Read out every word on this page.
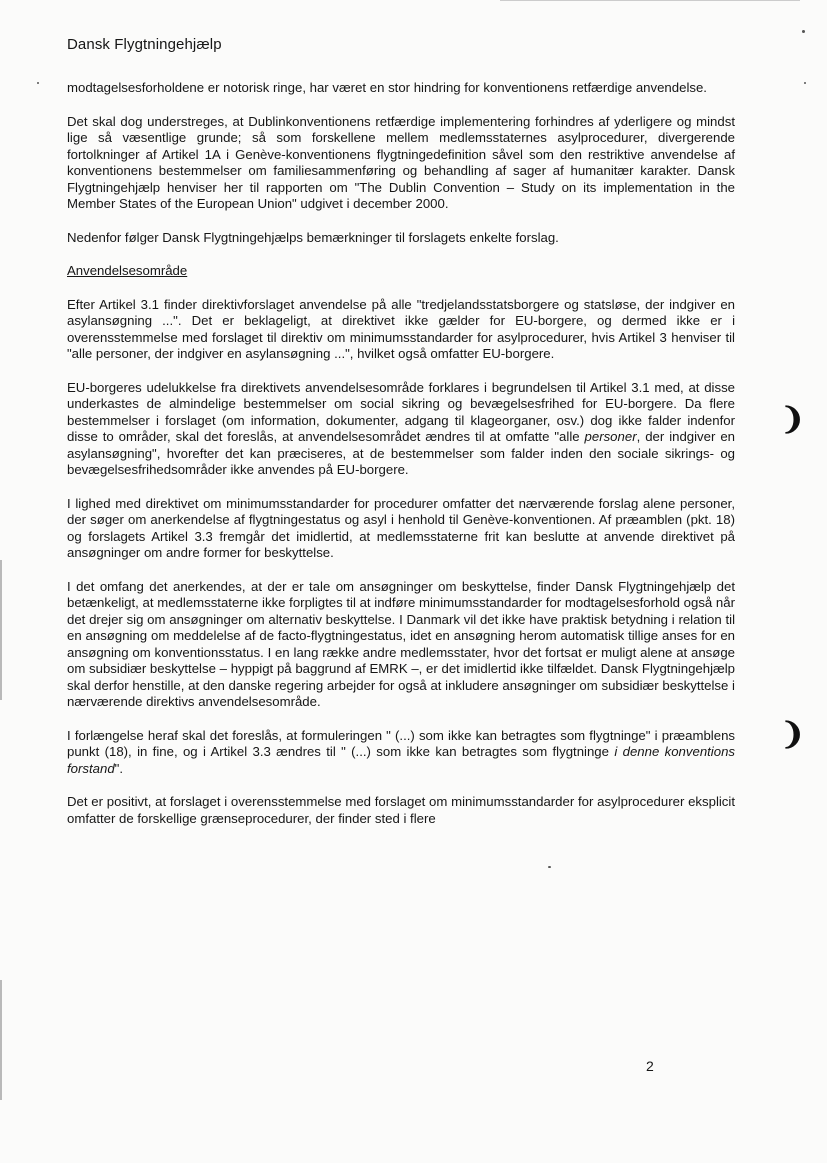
Dansk Flygtningehjælp

modtagelsesforholdene er notorisk ringe, har været en stor hindring for konventionens retfærdige anvendelse.

Det skal dog understreges, at Dublinkonventionens retfærdige implementering forhindres af yderligere og mindst lige så væsentlige grunde; så som forskellene mellem medlemsstaternes asylprocedurer, divergerende fortolkninger af Artikel 1A i Genève-konventionens flygtningedefinition såvel som den restriktive anvendelse af konventionens bestemmelser om familiesammenføring og behandling af sager af humanitær karakter. Dansk Flygtningehjælp henviser her til rapporten om "The Dublin Convention – Study on its implementation in the Member States of the European Union" udgivet i december 2000.

Nedenfor følger Dansk Flygtningehjælps bemærkninger til forslagets enkelte forslag.

Anvendelsesområde

Efter Artikel 3.1 finder direktivforslaget anvendelse på alle "tredjelandsstatsborgere og statsløse, der indgiver en asylansøgning ...". Det er beklageligt, at direktivet ikke gælder for EU-borgere, og dermed ikke er i overensstemmelse med forslaget til direktiv om minimumsstandarder for asylprocedurer, hvis Artikel 3 henviser til "alle personer, der indgiver en asylansøgning ...", hvilket også omfatter EU-borgere.

EU-borgeres udelukkelse fra direktivets anvendelsesområde forklares i begrundelsen til Artikel 3.1 med, at disse underkastes de almindelige bestemmelser om social sikring og bevægelsesfrihed for EU-borgere. Da flere bestemmelser i forslaget (om information, dokumenter, adgang til klageorganer, osv.) dog ikke falder indenfor disse to områder, skal det foreslås, at anvendelsesområdet ændres til at omfatte "alle personer, der indgiver en asylansøgning", hvorefter det kan præciseres, at de bestemmelser som falder inden den sociale sikrings- og bevægelsesfrihedsområder ikke anvendes på EU-borgere.

I lighed med direktivet om minimumsstandarder for procedurer omfatter det nærværende forslag alene personer, der søger om anerkendelse af flygtningestatus og asyl i henhold til Genève-konventionen. Af præamblen (pkt. 18) og forslagets Artikel 3.3 fremgår det imidlertid, at medlemsstaterne frit kan beslutte at anvende direktivet på ansøgninger om andre former for beskyttelse.

I det omfang det anerkendes, at der er tale om ansøgninger om beskyttelse, finder Dansk Flygtningehjælp det betænkeligt, at medlemsstaterne ikke forpligtes til at indføre minimumsstandarder for modtagelsesforhold også når det drejer sig om ansøgninger om alternativ beskyttelse. I Danmark vil det ikke have praktisk betydning i relation til en ansøgning om meddelelse af de facto-flygtningestatus, idet en ansøgning herom automatisk tillige anses for en ansøgning om konventionsstatus. I en lang række andre medlemsstater, hvor det fortsat er muligt alene at ansøge om subsidiær beskyttelse – hyppigt på baggrund af EMRK –, er det imidlertid ikke tilfældet. Dansk Flygtningehjælp skal derfor henstille, at den danske regering arbejder for også at inkludere ansøgninger om subsidiær beskyttelse i nærværende direktivs anvendelsesområde.

I forlængelse heraf skal det foreslås, at formuleringen " (...) som ikke kan betragtes som flygtninge" i præamblens punkt (18), in fine, og i Artikel 3.3 ændres til " (...) som ikke kan betragtes som flygtninge i denne konventions forstand".

Det er positivt, at forslaget i overensstemmelse med forslaget om minimumsstandarder for asylprocedurer eksplicit omfatter de forskellige grænseprocedurer, der finder sted i flere

2
❩
❩
